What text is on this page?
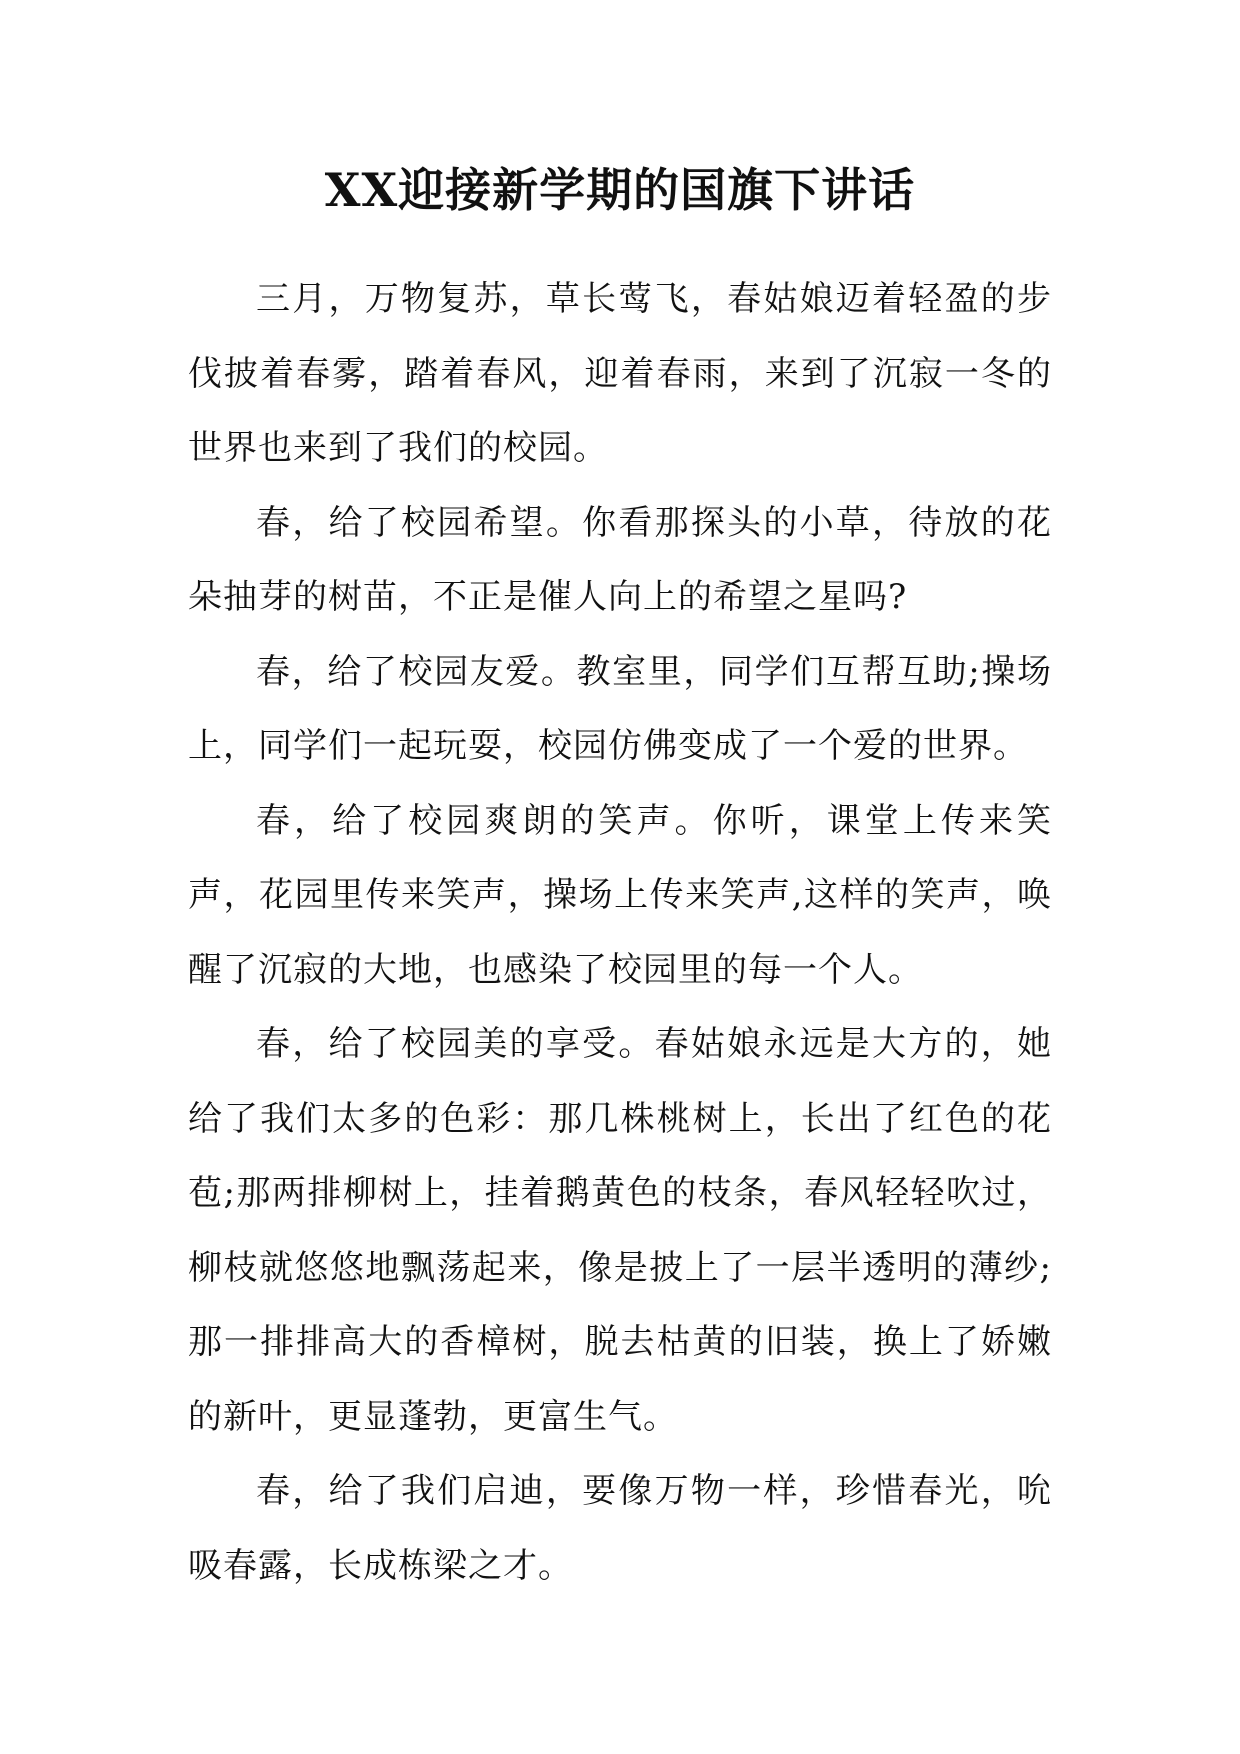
XX迎接新学期的国旗下讲话

三月，万物复苏，草长莺飞，春姑娘迈着轻盈的步伐披着春雾，踏着春风，迎着春雨，来到了沉寂一冬的世界也来到了我们的校园。

春，给了校园希望。你看那探头的小草，待放的花朵抽芽的树苗，不正是催人向上的希望之星吗?

春，给了校园友爱。教室里，同学们互帮互助;操场上，同学们一起玩耍，校园仿佛变成了一个爱的世界。

春，给了校园爽朗的笑声。你听，课堂上传来笑声，花园里传来笑声，操场上传来笑声,这样的笑声，唤醒了沉寂的大地，也感染了校园里的每一个人。

春，给了校园美的享受。春姑娘永远是大方的，她给了我们太多的色彩：那几株桃树上，长出了红色的花苞;那两排柳树上，挂着鹅黄色的枝条，春风轻轻吹过，柳枝就悠悠地飘荡起来，像是披上了一层半透明的薄纱;那一排排高大的香樟树，脱去枯黄的旧装，换上了娇嫩的新叶，更显蓬勃，更富生气。

春，给了我们启迪，要像万物一样，珍惜春光，吮吸春露，长成栋梁之才。
